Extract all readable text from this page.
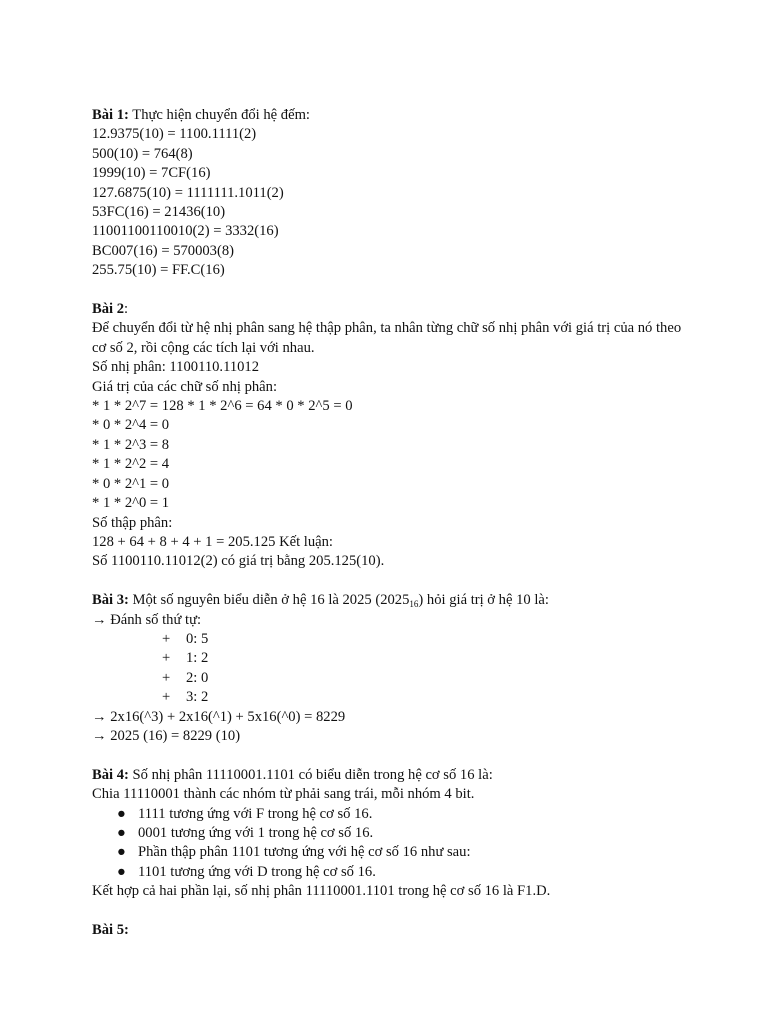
Bài 1: Thực hiện chuyển đổi hệ đếm:
12.9375(10) = 1100.1111(2)
500(10) = 764(8)
1999(10) = 7CF(16)
127.6875(10) = 1111111.1011(2)
53FC(16) = 21436(10)
11001100110010(2) = 3332(16)
BC007(16) = 570003(8)
255.75(10) = FF.C(16)
Bài 2:
Để chuyển đổi từ hệ nhị phân sang hệ thập phân, ta nhân từng chữ số nhị phân với giá trị của nó theo cơ số 2, rồi cộng các tích lại với nhau.
Số nhị phân: 1100110.11012
Giá trị của các chữ số nhị phân:
* 1 * 2^7 = 128 * 1 * 2^6 = 64 * 0 * 2^5 = 0
* 0 * 2^4 = 0
* 1 * 2^3 = 8
* 1 * 2^2 = 4
* 0 * 2^1 = 0
* 1 * 2^0 = 1
Số thập phân:
128 + 64 + 8 + 4 + 1 = 205.125 Kết luận:
Số 1100110.11012(2) có giá trị bằng 205.125(10).
Bài 3: Một số nguyên biểu diễn ở hệ 16 là 2025 $(2025_{16})$ hỏi giá trị ở hệ 10 là:
→ Đánh số thứ tự:
+ 0: 5
+ 1: 2
+ 2: 0
+ 3: 2
→ 2x16(^3) + 2x16(^1) + 5x16(^0) = 8229
→ 2025 (16) = 8229 (10)
Bài 4: Số nhị phân 11110001.1101 có biểu diễn trong hệ cơ số 16 là:
Chia 11110001 thành các nhóm từ phải sang trái, mỗi nhóm 4 bit.
● 1111 tương ứng với F trong hệ cơ số 16.
● 0001 tương ứng với 1 trong hệ cơ số 16.
● Phần thập phân 1101 tương ứng với hệ cơ số 16 như sau:
● 1101 tương ứng với D trong hệ cơ số 16.
Kết hợp cả hai phần lại, số nhị phân 11110001.1101 trong hệ cơ số 16 là F1.D.
Bài 5:
